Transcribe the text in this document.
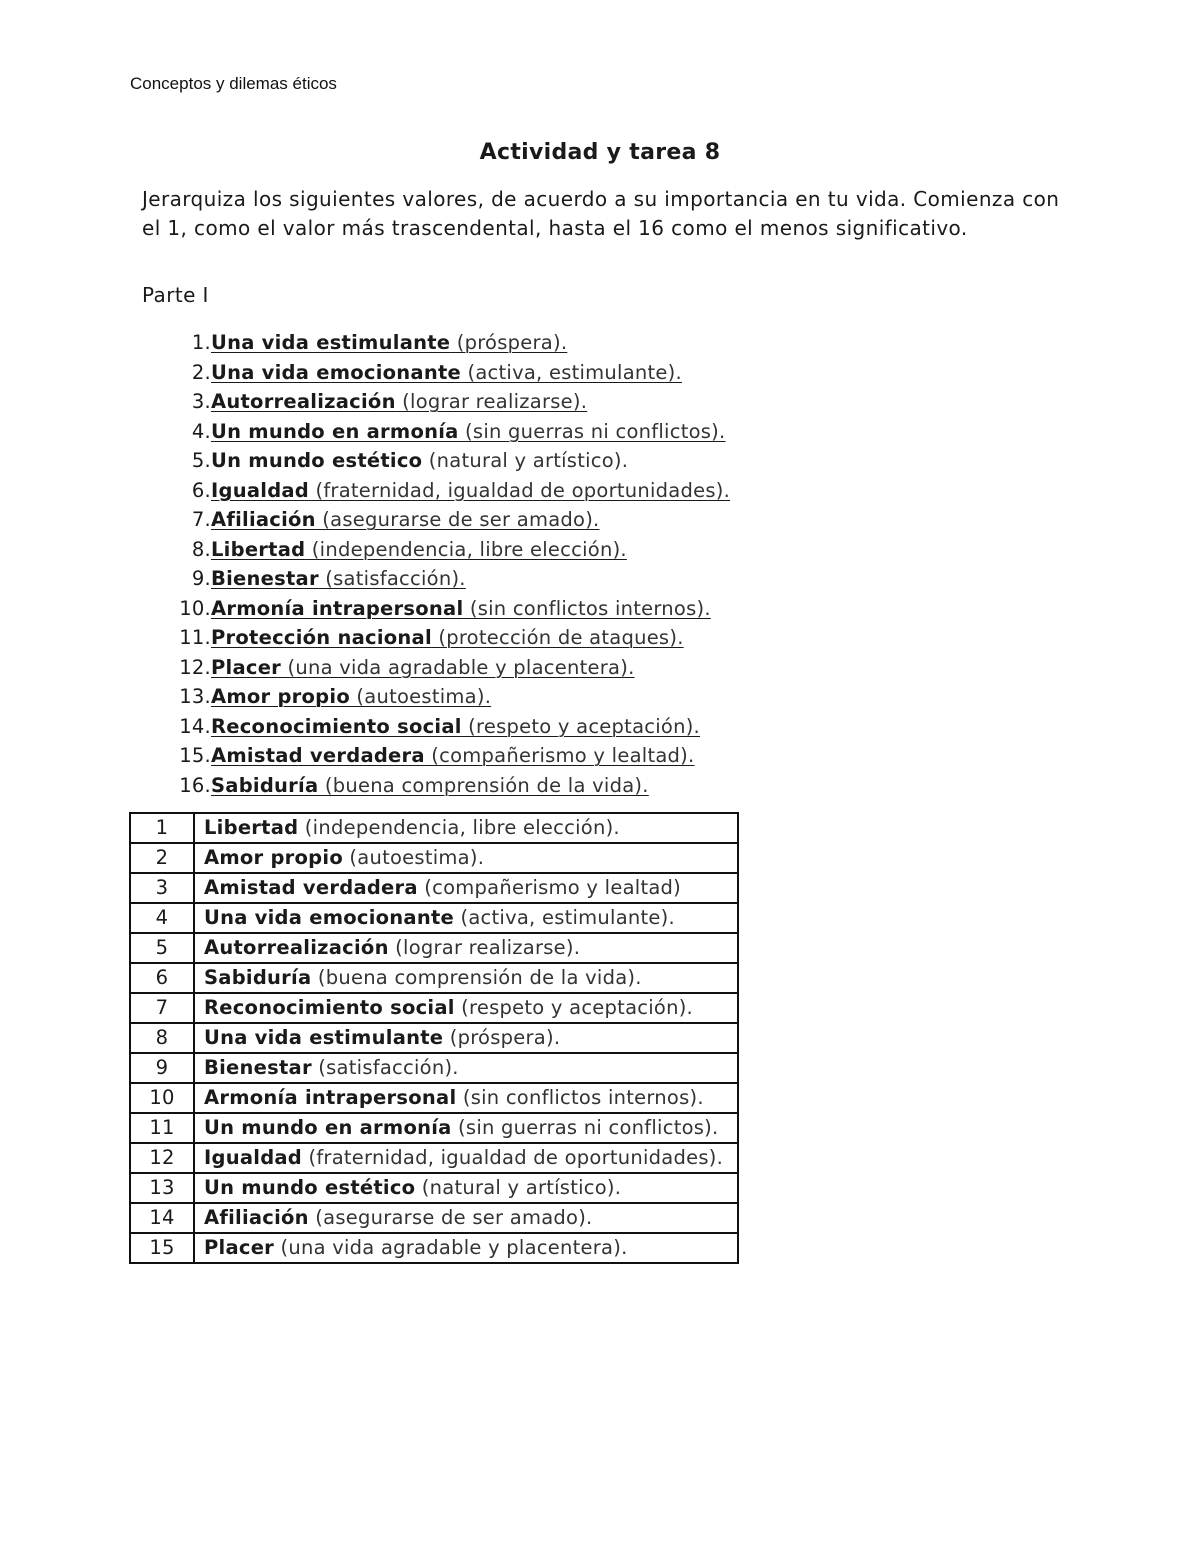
Conceptos y dilemas éticos
Actividad y tarea 8
Jerarquiza los siguientes valores, de acuerdo a su importancia en tu vida. Comienza con el 1, como el valor más trascendental, hasta el 16 como el menos significativo.
Parte I
1.Una vida estimulante (próspera).
2.Una vida emocionante (activa, estimulante).
3.Autorrealización (lograr realizarse).
4.Un mundo en armonía (sin guerras ni conflictos).
5.Un mundo estético (natural y artístico).
6.Igualdad (fraternidad, igualdad de oportunidades).
7.Afiliación (asegurarse de ser amado).
8.Libertad (independencia, libre elección).
9.Bienestar (satisfacción).
10.Armonía intrapersonal (sin conflictos internos).
11.Protección nacional (protección de ataques).
12.Placer (una vida agradable y placentera).
13.Amor propio (autoestima).
14.Reconocimiento social (respeto y aceptación).
15.Amistad verdadera (compañerismo y lealtad).
16.Sabiduría (buena comprensión de la vida).
1	Libertad (independencia, libre elección).
2	Amor propio (autoestima).
3	Amistad verdadera (compañerismo y lealtad)
4	Una vida emocionante (activa, estimulante).
5	Autorrealización (lograr realizarse).
6	Sabiduría (buena comprensión de la vida).
7	Reconocimiento social (respeto y aceptación).
8	Una vida estimulante (próspera).
9	Bienestar (satisfacción).
10	Armonía intrapersonal (sin conflictos internos).
11	Un mundo en armonía (sin guerras ni conflictos).
12	Igualdad (fraternidad, igualdad de oportunidades).
13	Un mundo estético (natural y artístico).
14	Afiliación (asegurarse de ser amado).
15	Placer (una vida agradable y placentera).
